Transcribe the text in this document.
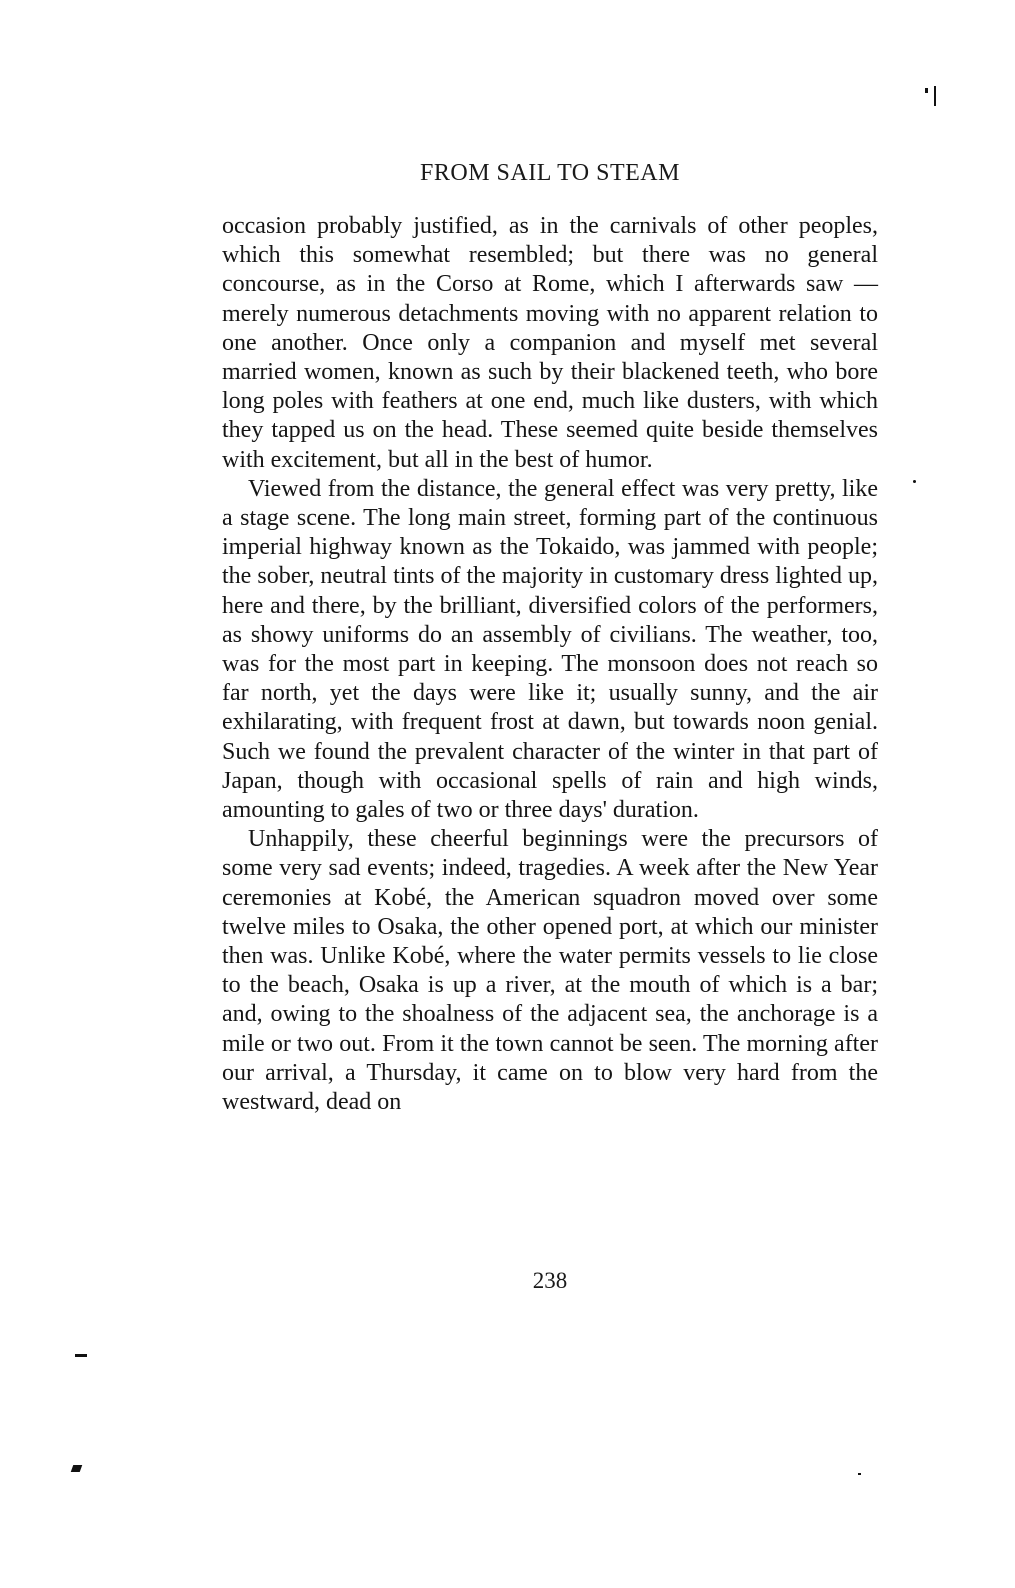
FROM SAIL TO STEAM

occasion probably justified, as in the carnivals of other peoples, which this somewhat resembled; but there was no general concourse, as in the Corso at Rome, which I afterwards saw — merely numerous detachments moving with no apparent relation to one another. Once only a companion and myself met several married women, known as such by their blackened teeth, who bore long poles with feathers at one end, much like dusters, with which they tapped us on the head. These seemed quite beside themselves with excitement, but all in the best of humor.

Viewed from the distance, the general effect was very pretty, like a stage scene. The long main street, forming part of the continuous imperial highway known as the Tokaido, was jammed with people; the sober, neutral tints of the majority in customary dress lighted up, here and there, by the brilliant, diversified colors of the performers, as showy uniforms do an assembly of civilians. The weather, too, was for the most part in keeping. The monsoon does not reach so far north, yet the days were like it; usually sunny, and the air exhilarating, with frequent frost at dawn, but towards noon genial. Such we found the prevalent character of the winter in that part of Japan, though with occasional spells of rain and high winds, amounting to gales of two or three days' duration.

Unhappily, these cheerful beginnings were the precursors of some very sad events; indeed, tragedies. A week after the New Year ceremonies at Kobé, the American squadron moved over some twelve miles to Osaka, the other opened port, at which our minister then was. Unlike Kobé, where the water permits vessels to lie close to the beach, Osaka is up a river, at the mouth of which is a bar; and, owing to the shoalness of the adjacent sea, the anchorage is a mile or two out. From it the town cannot be seen. The morning after our arrival, a Thursday, it came on to blow very hard from the westward, dead on

238
